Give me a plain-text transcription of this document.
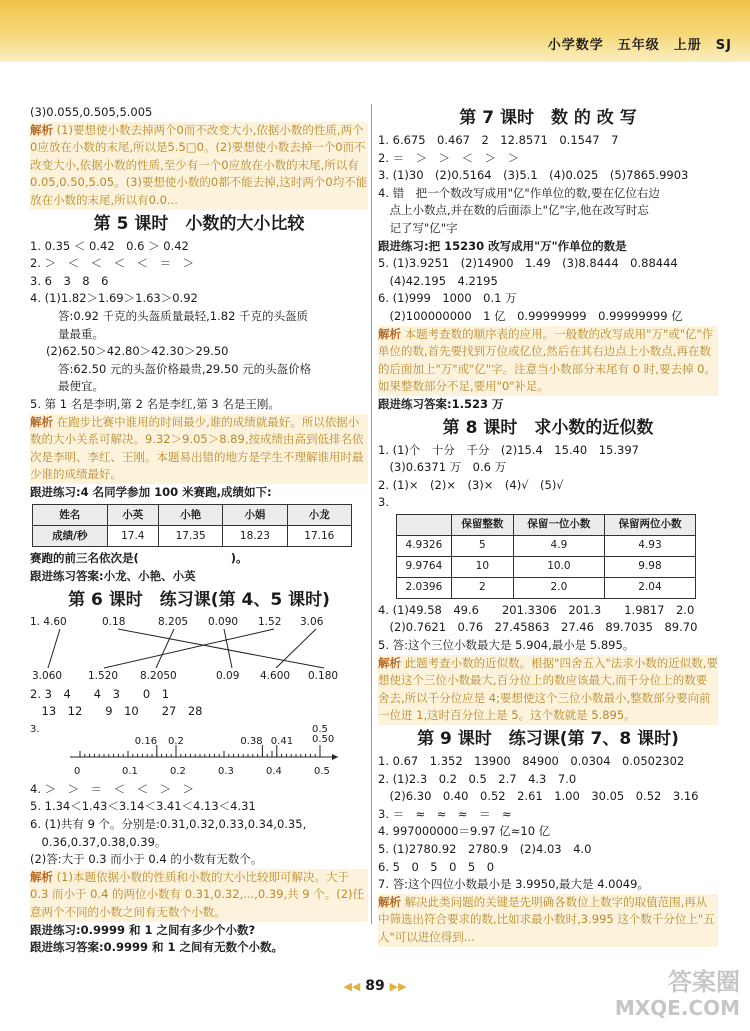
小学数学　五年级　上册　SJ
(3)0.055,0.505,5.005

解析 (1)要想使小数去掉两个0而不改变大小,依据小数的性质,两个0应放在小数的末尾,所以是5.5□0。(2)要想使小数去掉一个0而不改变大小,依据小数的性质,至少有一个0应放在小数的末尾,所以有0.05,0.50,5.05。(3)要想使小数的0都不能去掉,这时两个0均不能放在小数的末尾,所以有0.0...

第 5 课时　小数的大小比较
1. 0.35 ＜ 0.42　0.6 ＞ 0.42
2. ＞　＜　＜　＜　＜　＝　＞
3. 6　3　8　6
4. (1)1.82＞1.69＞1.63＞0.92
答:0.92 千克的头盔质量最轻,1.82 千克的头盔质
量最重。
(2)62.50＞42.80＞42.30＞29.50
答:62.50 元的头盔价格最贵,29.50 元的头盔价格
最便宜。
5. 第 1 名是李明,第 2 名是李红,第 3 名是王刚。

解析 在跑步比赛中谁用的时间最少,谁的成绩就最好。所以依据小数的大小关系可解决。9.32＞9.05＞8.89,按成绩由高到低排名依次是李明、李红、王刚。本题易出错的地方是学生不理解谁用时最少谁的成绩最好。

跟进练习:4 名同学参加 100 米赛跑,成绩如下:
姓名	小英	小艳	小娟	小龙
成绩/秒	17.4	17.35	18.23	17.16
赛跑的前三名依次是(　　　　　　　　)。
跟进练习答案:小龙、小艳、小英
第 6 课时　练习课(第 4、5 课时)
1. 4.60	0.18	8.205 0.090 1.52 3.06
3.060 1.520 8.2050	0.09 4.600 0.180
2. 3　4　　4　3　　0　1
　13　12　　9　10　　27　28
3.
0	0.1	0.2	0.3	0.4	0.5
0.16 0.2	0.38 0.41
0.5
0.50
4. ＞　＞　＝　＜　＜　＞　＞
5. 1.34＜1.43＜3.14＜3.41＜4.13＜4.31
6. (1)共有 9 个。分别是:0.31,0.32,0.33,0.34,0.35,
　0.36,0.37,0.38,0.39。
(2)答:大于 0.3 而小于 0.4 的小数有无数个。

解析 (1)本题依据小数的性质和小数的大小比较即可解决。大于 0.3 而小于 0.4 的两位小数有 0.31,0.32,...,0.39,共 9 个。(2)任意两个不同的小数之间有无数个小数。

跟进练习:0.9999 和 1 之间有多少个小数?
跟进练习答案:0.9999 和 1 之间有无数个小数。
第 7 课时　数 的 改 写
1. 6.675　0.467　2　12.8571　0.1547　7
2. ＝　＞　＞　＜　＞　＞
3. (1)30　(2)0.5164　(3)5.1　(4)0.025　(5)7865.9903
4. 错　把一个数改写成用"亿"作单位的数,要在亿位右边
　点上小数点,并在数的后面添上"亿"字,他在改写时忘
　记了写"亿"字
跟进练习:把 15230 改写成用"万"作单位的数是
5. (1)3.9251　(2)14900　1.49　(3)8.8444　0.88444
　(4)42.195　4.2195
6. (1)999　1000　0.1 万
　(2)100000000　1 亿　0.99999999　0.99999999 亿

解析 本题考查数的顺序表的应用。一般数的改写成用"万"或"亿"作单位的数,首先要找到万位或亿位,然后在其右边点上小数点,再在数的后面加上"万"或"亿"字。注意当小数部分末尾有 0 时,要去掉 0。如果整数部分不足,要用"0"补足。

跟进练习答案:1.523 万
第 8 课时　求小数的近似数
1. (1)个　十分　千分　(2)15.4　15.40　15.397
　(3)0.6371 万　0.6 万
2. (1)×　(2)×　(3)×　(4)√　(5)√
3.
	保留整数	保留一位小数	保留两位小数
4.9326	5	4.9	4.93
9.9764	10	10.0	9.98
2.0396	2	2.0	2.04
4. (1)49.58　49.6　　201.3306　201.3　　1.9817　2.0
　(2)0.7621　0.76　27.45863　27.46　89.7035　89.70
5. 答:这个三位小数最大是 5.904,最小是 5.895。

解析 此题考查小数的近似数。根据"四舍五入"法求小数的近似数,要想使这个三位小数最大,百分位上的数应该最大,而千分位上的数要舍去,所以千分位应是 4;要想使这个三位小数最小,整数部分要向前一位进 1,这时百分位上是 5。这个数就是 5.895。

第 9 课时　练习课(第 7、8 课时)
1. 0.67　1.352　13900　84900　0.0304　0.0502302
2. (1)2.3　0.2　0.5　2.7　4.3　7.0
　(2)6.30　0.40　0.52　2.61　1.00　30.05　0.52　3.16
3. ＝　≈　≈　≈　＝　≈
4. 997000000＝9.97 亿≈10 亿
5. (1)2780.92　2780.9　(2)4.03　4.0
6. 5　0　5　0　5　0
7. 答:这个四位小数最小是 3.9950,最大是 4.0049。

解析 解决此类问题的关键是先明确各数位上数字的取值范围,再从中筛选出符合要求的数,比如求最小数时,3.995 这个数千分位上"五人"可以进位得到...

◀◀ 89 ▶▶	答案圈
MXQE.COM
